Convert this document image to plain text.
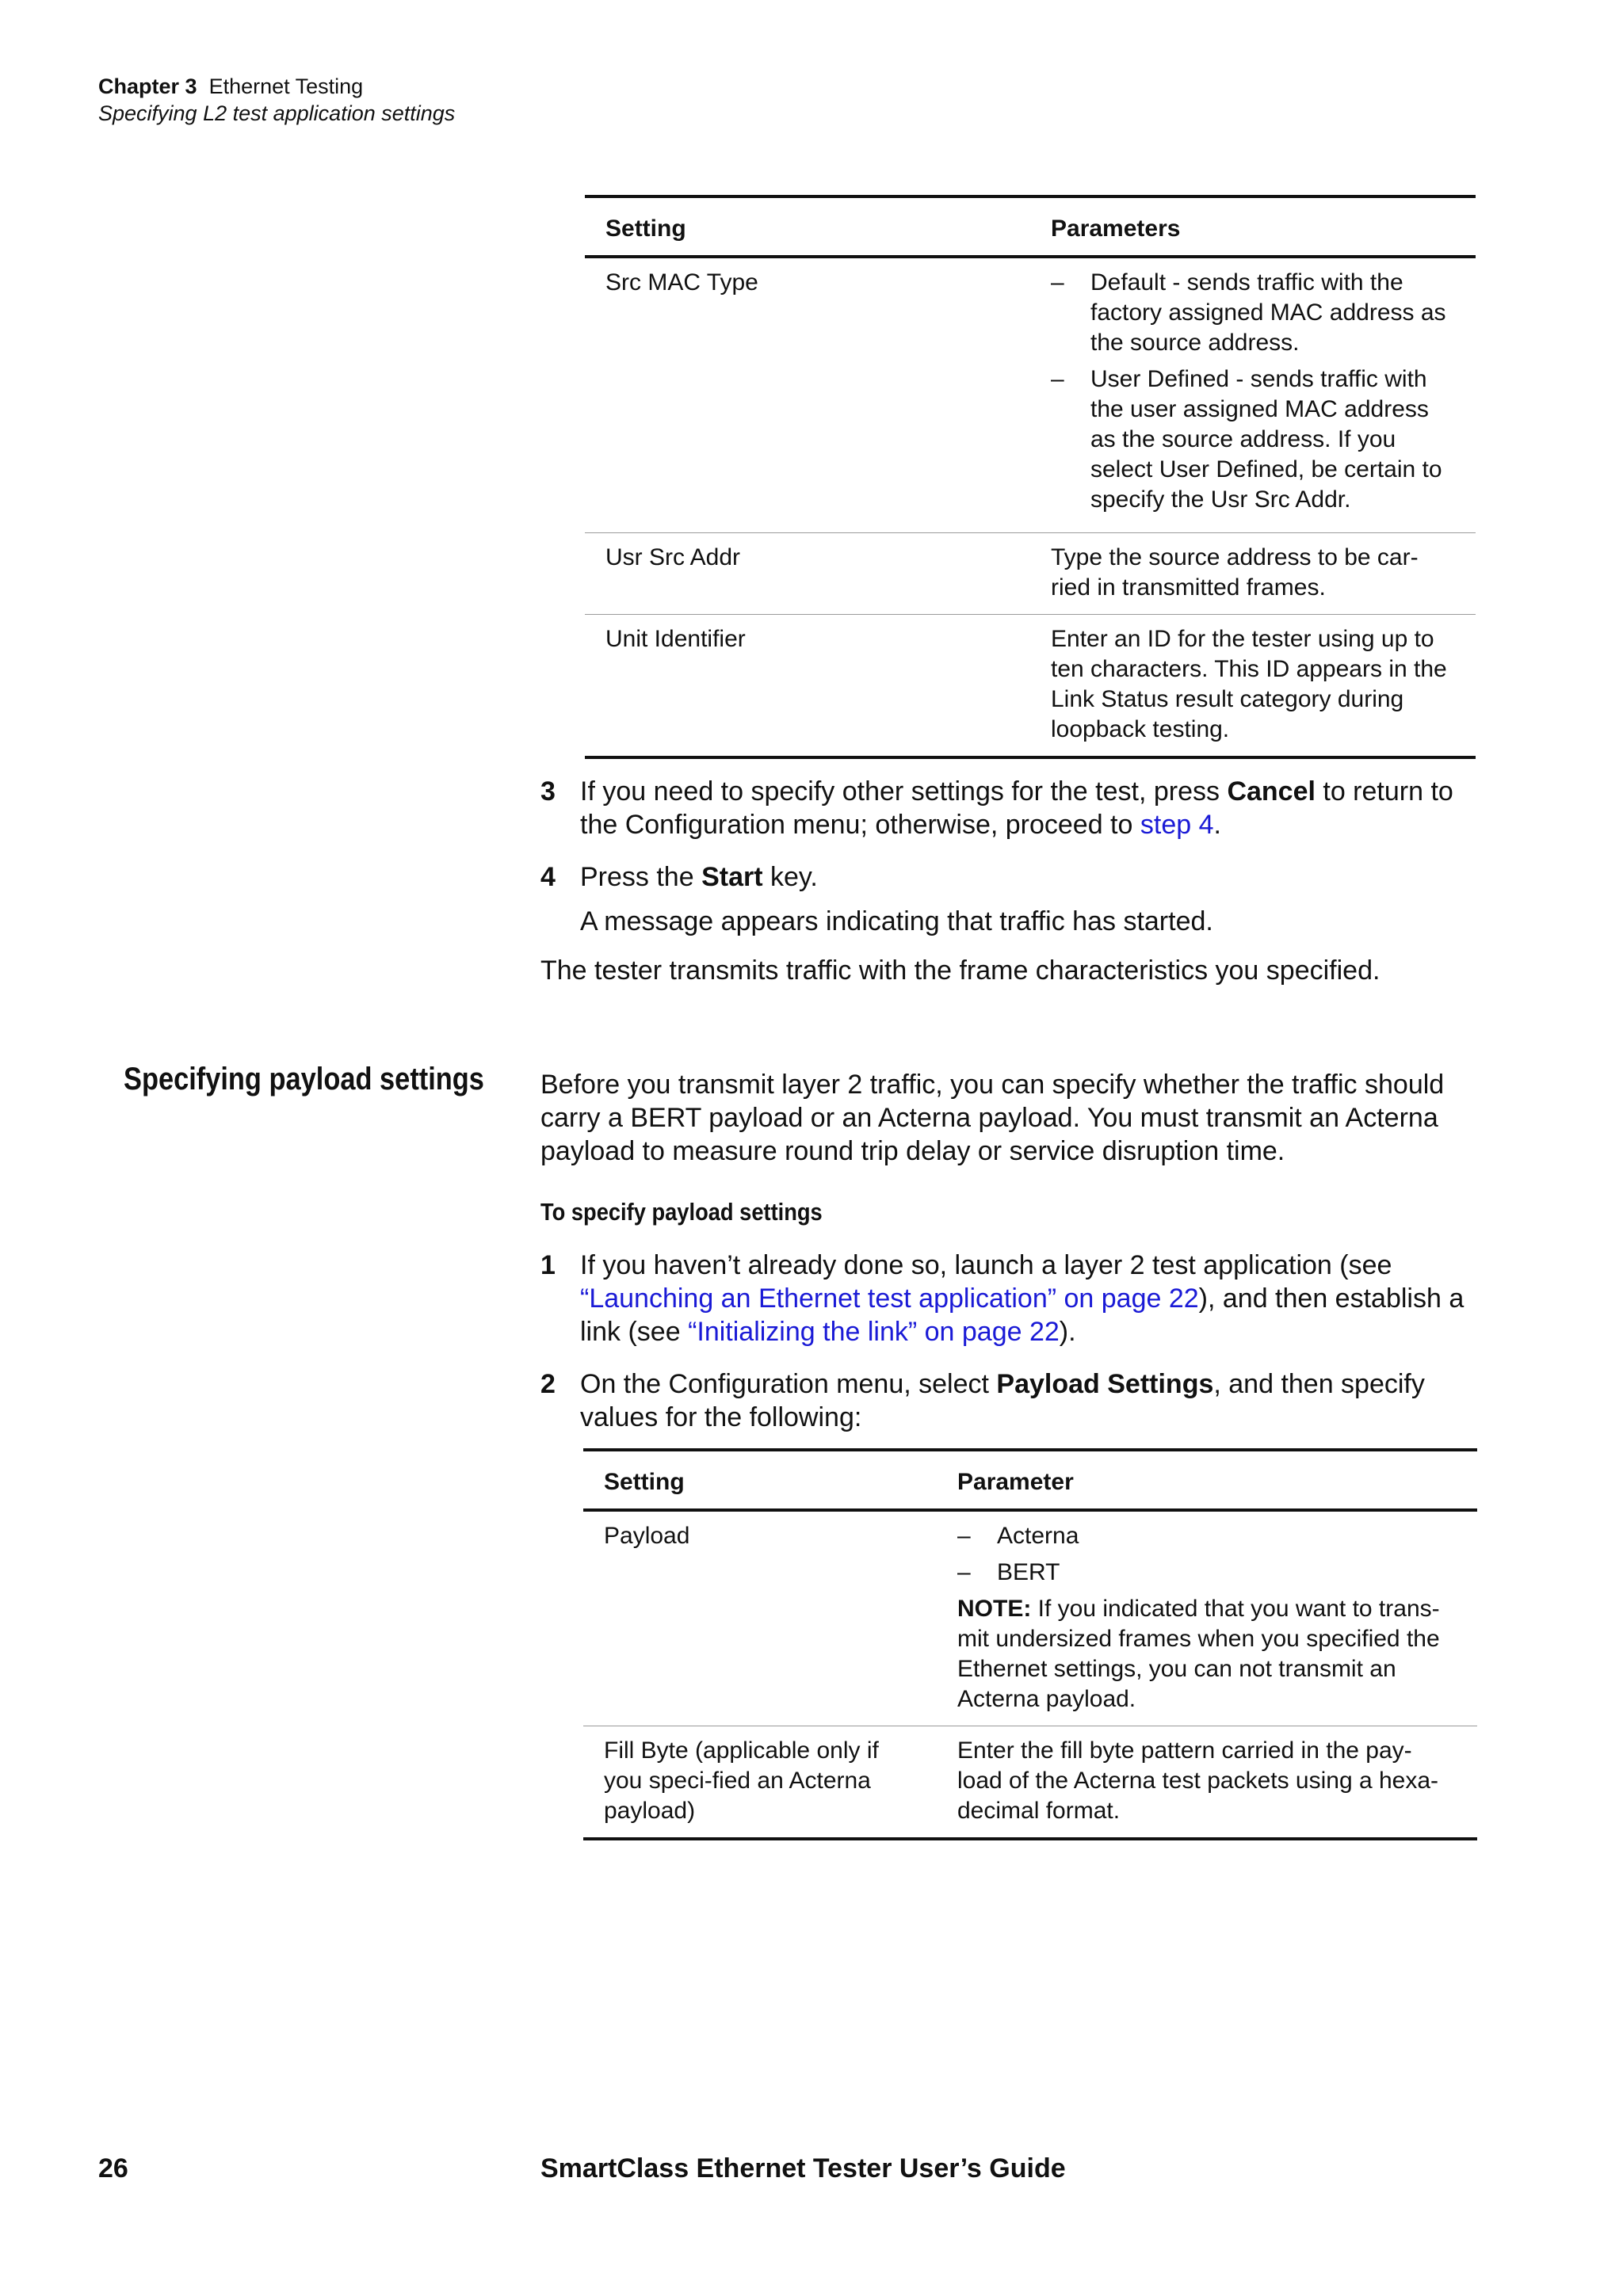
Chapter 3 Ethernet Testing
Specifying L2 test application settings
Setting	Parameters
Src MAC Type	– Default - sends traffic with the factory assigned MAC address as the source address.
– User Defined - sends traffic with the user assigned MAC address as the source address. If you select User Defined, be certain to specify the Usr Src Addr.

Usr Src Addr	Type the source address to be car-ried in transmitted frames.
Unit Identifier	Enter an ID for the tester using up to ten characters. This ID appears in the Link Status result category during loopback testing.
3 If you need to specify other settings for the test, press Cancel to return to the Configuration menu; otherwise, proceed to step 4.
4 Press the Start key.
A message appears indicating that traffic has started.
The tester transmits traffic with the frame characteristics you specified.
Specifying payload settings Before you transmit layer 2 traffic, you can specify whether the traffic should carry a BERT payload or an Acterna payload. You must transmit an Acterna payload to measure round trip delay or service disruption time.
To specify payload settings
1 If you haven’t already done so, launch a layer 2 test application (see “Launching an Ethernet test application” on page 22), and then establish a link (see “Initializing the link” on page 22).
2 On the Configuration menu, select Payload Settings, and then specify values for the following:
Setting	Parameter
Payload	– Acterna
– BERT
NOTE: If you indicated that you want to trans-mit undersized frames when you specified the Ethernet settings, you can not transmit an Acterna payload.

Fill Byte (applicable only if you speci-fied an Acterna payload)	Enter the fill byte pattern carried in the pay-load of the Acterna test packets using a hexa-decimal format.
26	SmartClass Ethernet Tester User’s Guide
